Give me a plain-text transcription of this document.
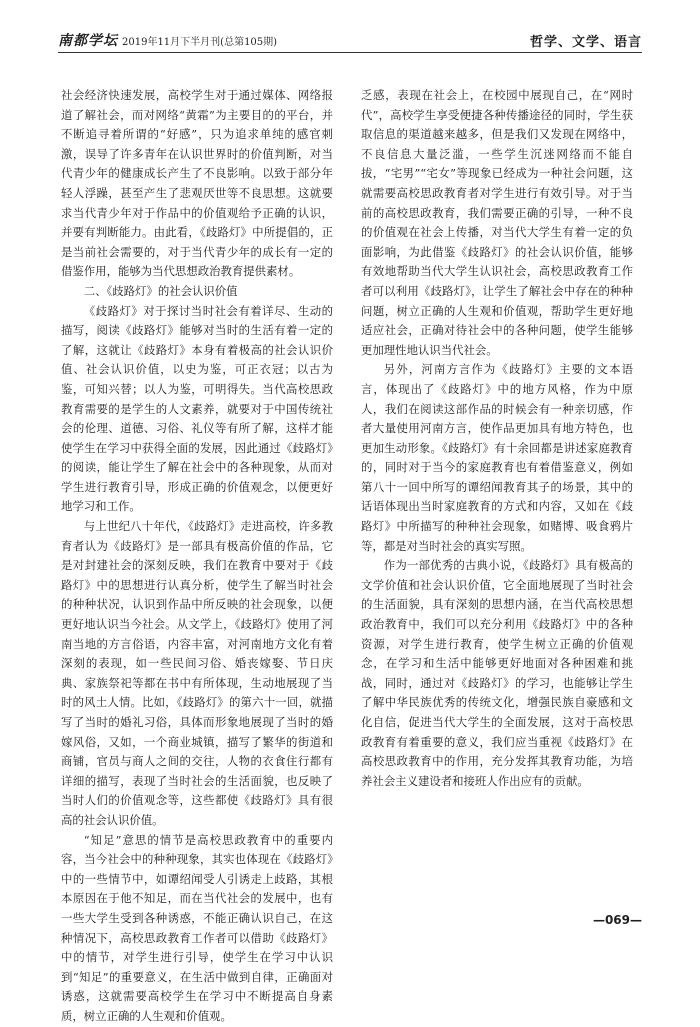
南都学坛 2019年11月下半月刊(总第105期)	哲学、文学、语言

社会经济快速发展，高校学生对于通过媒体、网络报道了解社会，而对网络“黄霜”为主要目的的平台，并不断追寻着所谓的“好感”，只为追求单纯的感官刺激，误导了许多青年在认识世界时的价值判断，对当代青少年的健康成长产生了不良影响。以致于部分年轻人浮躁，甚至产生了悲观厌世等不良思想。这就要求当代青少年对于作品中的价值观给予正确的认识，并要有判断能力。由此看，《歧路灯》中所提倡的，正是当前社会需要的，对于当代青少年的成长有一定的借鉴作用，能够为当代思想政治教育提供素材。

二、《歧路灯》的社会认识价值

《歧路灯》对于探讨当时社会有着详尽、生动的描写，阅读《歧路灯》能够对当时的生活有着一定的了解，这就让《歧路灯》本身有着极高的社会认识价值、社会认识价值，以史为鉴，可正衣冠；以古为鉴，可知兴替；以人为鉴，可明得失。当代高校思政教育需要的是学生的人文素养，就要对于中国传统社会的伦理、道德、习俗、礼仪等有所了解，这样才能使学生在学习中获得全面的发展，因此通过《歧路灯》的阅读，能让学生了解在社会中的各种现象，从而对学生进行教育引导，形成正确的价值观念，以便更好地学习和工作。

与上世纪八十年代，《歧路灯》走进高校，许多教育者认为《歧路灯》是一部具有极高价值的作品，它是对封建社会的深刻反映，我们在教育中要对于《歧路灯》中的思想进行认真分析，使学生了解当时社会的种种状况，认识到作品中所反映的社会现象，以便更好地认识当今社会。从文学上，《歧路灯》使用了河南当地的方言俗语，内容丰富，对河南地方文化有着深刻的表现，如一些民间习俗、婚丧嫁娶、节日庆典、家族祭祀等都在书中有所体现，生动地展现了当时的风土人情。比如，《歧路灯》的第六十一回，就描写了当时的婚礼习俗，具体而形象地展现了当时的婚嫁风俗，又如，一个商业城镇，描写了繁华的街道和商铺，官员与商人之间的交往，人物的衣食住行都有详细的描写，表现了当时社会的生活面貌，也反映了当时人们的价值观念等，这些都使《歧路灯》具有很高的社会认识价值。

“知足”意思的情节是高校思政教育中的重要内容，当今社会中的种种现象，其实也体现在《歧路灯》中的一些情节中，如谭绍闻受人引诱走上歧路，其根本原因在于他不知足，而在当代社会的发展中，也有一些大学生受到各种诱惑，不能正确认识自己，在这种情况下，高校思政教育工作者可以借助《歧路灯》中的情节，对学生进行引导，使学生在学习中认识到“知足”的重要意义，在生活中做到自律，正确面对诱惑，这就需要高校学生在学习中不断提高自身素质，树立正确的人生观和价值观。

乏感，表现在社会上，在校园中展现自己，在“网时代”，高校学生享受便捷各种传播途径的同时，学生获取信息的渠道越来越多，但是我们又发现在网络中，不良信息大量泛滥，一些学生沉迷网络而不能自拔，“宅男”“宅女”等现象已经成为一种社会问题，这就需要高校思政教育者对学生进行有效引导。对于当前的高校思政教育，我们需要正确的引导，一种不良的价值观在社会上传播，对当代大学生有着一定的负面影响，为此借鉴《歧路灯》的社会认识价值，能够有效地帮助当代大学生认识社会，高校思政教育工作者可以利用《歧路灯》，让学生了解社会中存在的种种问题，树立正确的人生观和价值观，帮助学生更好地适应社会，正确对待社会中的各种问题，使学生能够更加理性地认识当代社会。

另外，河南方言作为《歧路灯》主要的文本语言，体现出了《歧路灯》中的地方风格，作为中原人，我们在阅读这部作品的时候会有一种亲切感，作者大量使用河南方言，使作品更加具有地方特色，也更加生动形象。《歧路灯》有十余回都是讲述家庭教育的，同时对于当今的家庭教育也有着借鉴意义，例如第八十一回中所写的谭绍闻教育其子的场景，其中的话语体现出当时家庭教育的方式和内容，又如在《歧路灯》中所描写的种种社会现象，如赌博、吸食鸦片等，都是对当时社会的真实写照。

作为一部优秀的古典小说，《歧路灯》具有极高的文学价值和社会认识价值，它全面地展现了当时社会的生活面貌，具有深刻的思想内涵，在当代高校思想政治教育中，我们可以充分利用《歧路灯》中的各种资源，对学生进行教育，使学生树立正确的价值观念，在学习和生活中能够更好地面对各种困难和挑战，同时，通过对《歧路灯》的学习，也能够让学生了解中华民族优秀的传统文化，增强民族自豪感和文化自信，促进当代大学生的全面发展，这对于高校思政教育有着重要的意义，我们应当重视《歧路灯》在高校思政教育中的作用，充分发挥其教育功能，为培养社会主义建设者和接班人作出应有的贡献。

—069—
